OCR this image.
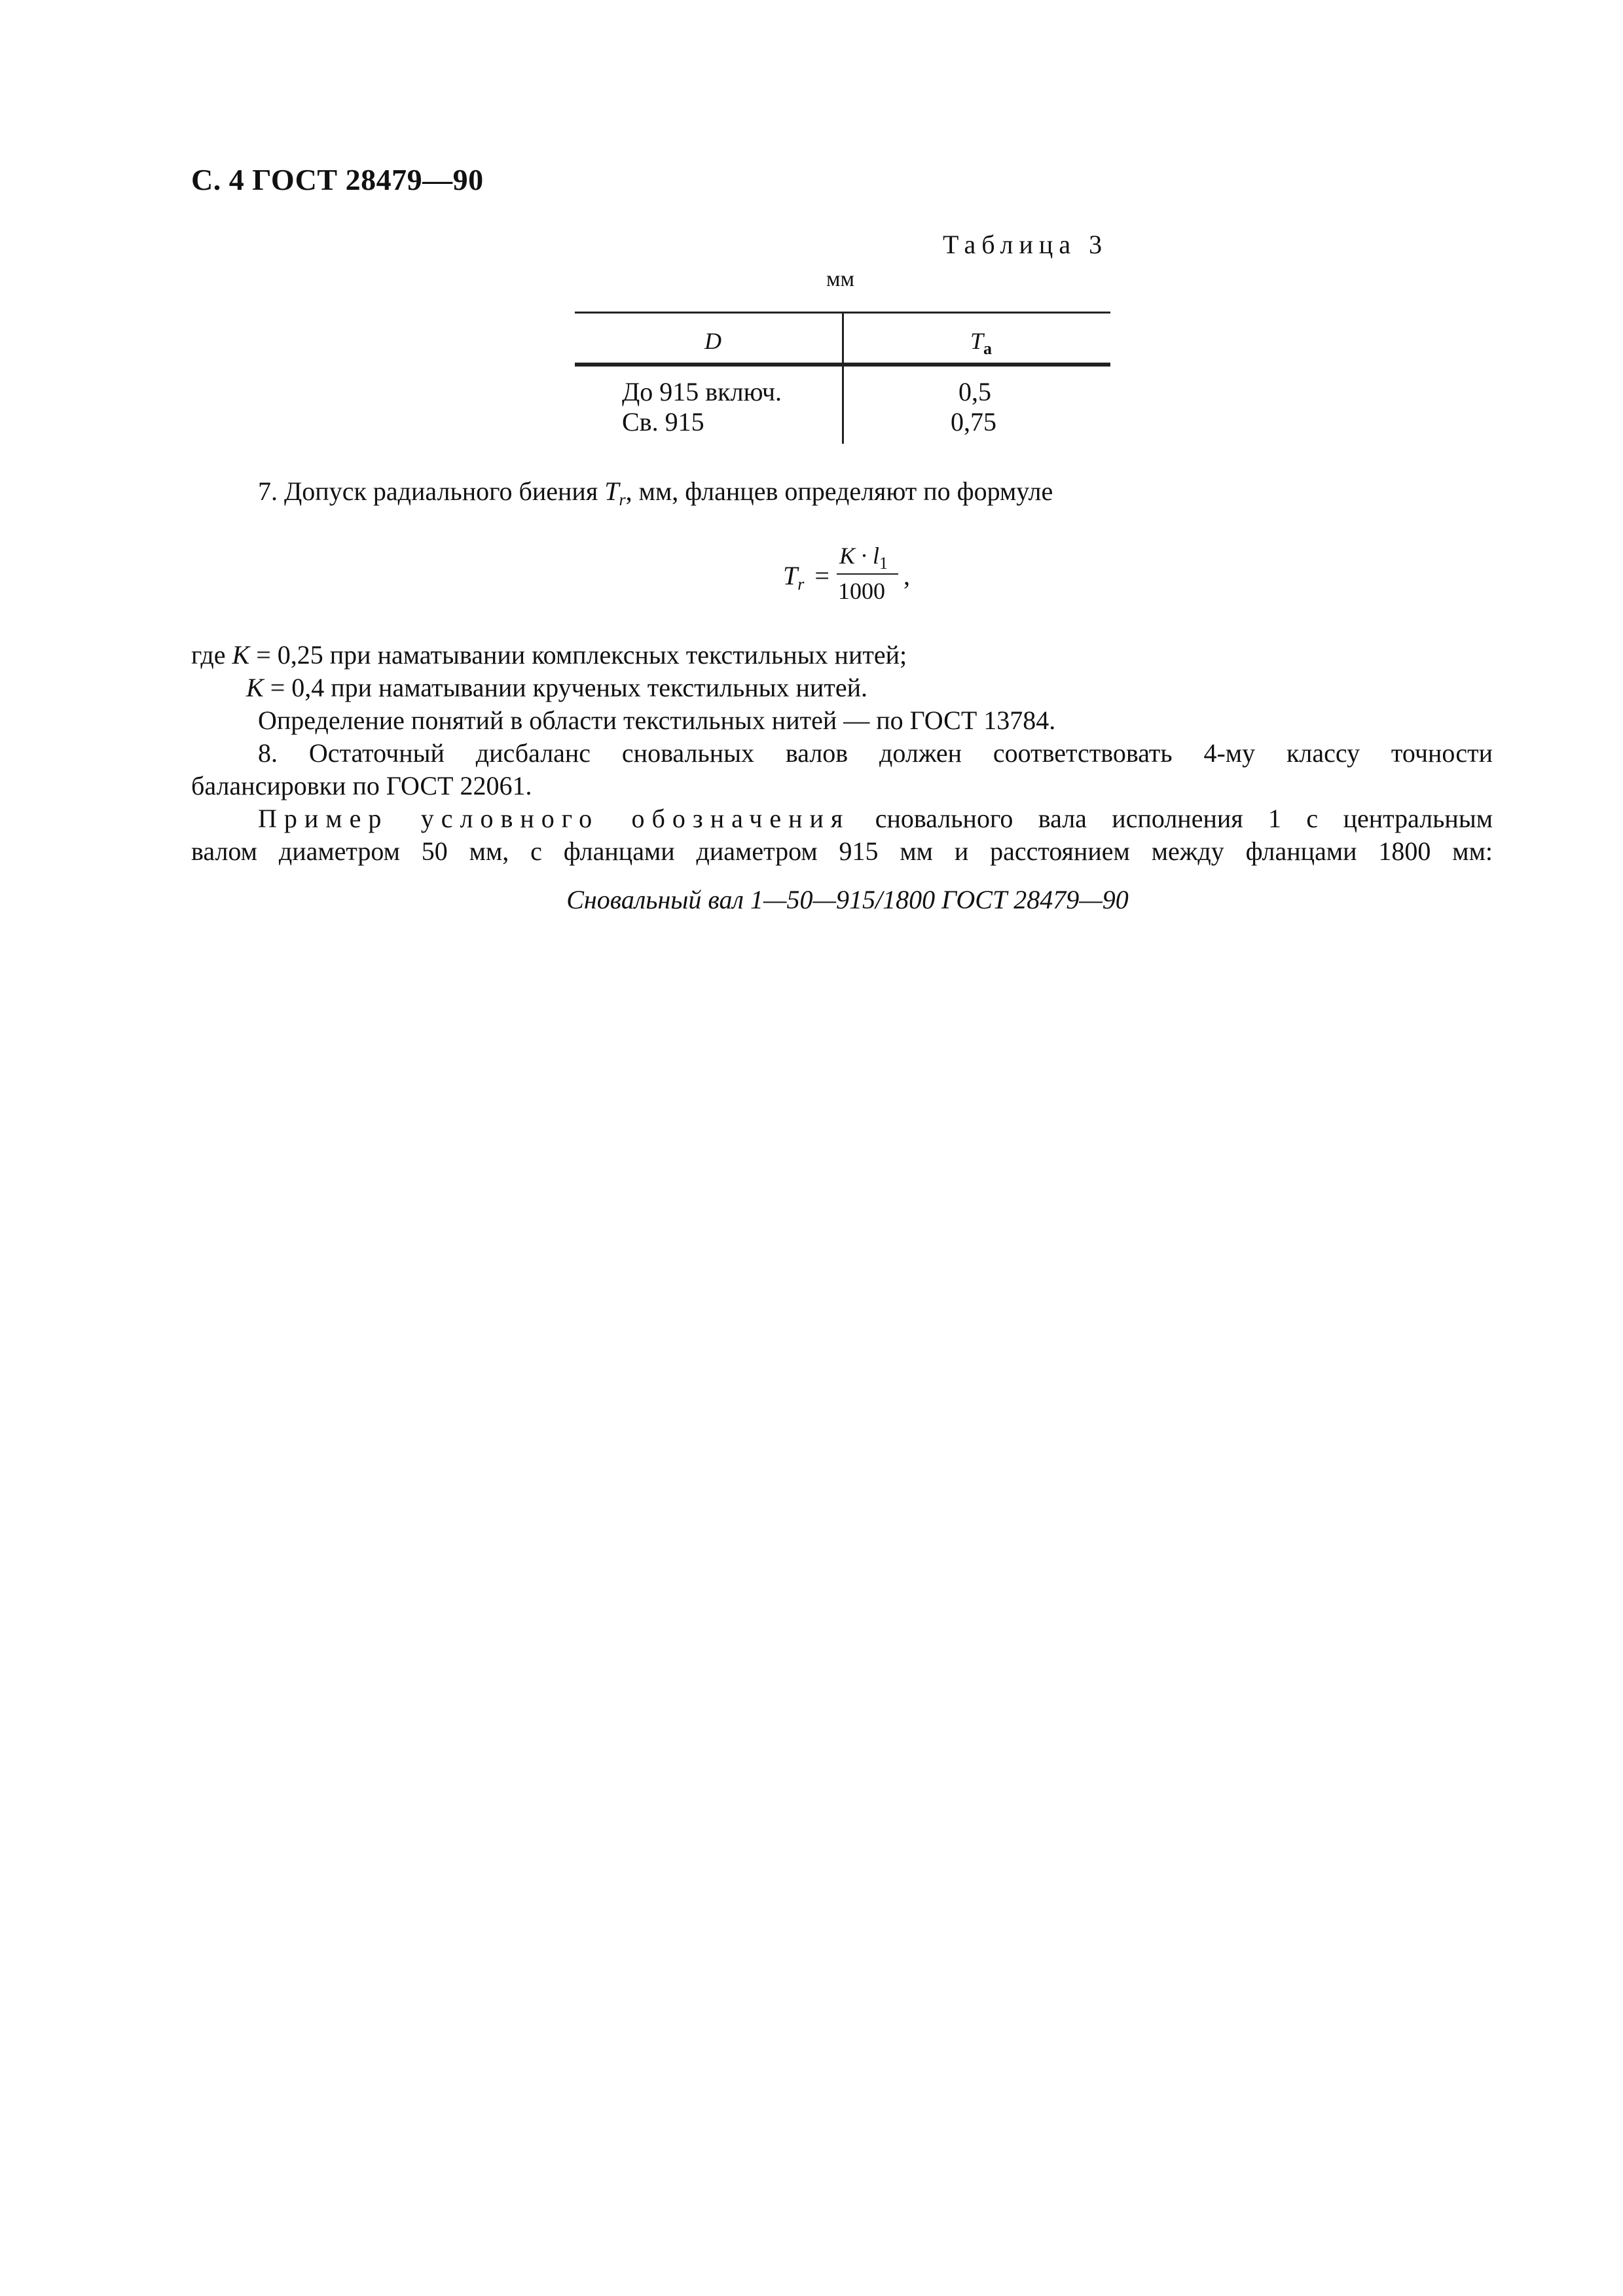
С. 4 ГОСТ 28479—90
Таблица 3
мм
D	$T_a$
До 915 включ.	0,5
Св. 915	0,75
7. Допуск радиального биения $T_r$, мм, фланцев определяют по формуле
$T_r$ =
$K \cdot l_1$
1000
,
где K = 0,25 при наматывании комплексных текстильных нитей;
K = 0,4 при наматывании крученых текстильных нитей.
Определение понятий в области текстильных нитей — по ГОСТ 13784.
8. Остаточный дисбаланс сновальных валов должен соответствовать 4-му классу точности
балансировки по ГОСТ 22061.
Пример условного обозначения сновального вала исполнения 1 с центральным
валом диаметром 50 мм, с фланцами диаметром 915 мм и расстоянием между фланцами 1800 мм:
Сновальный вал 1—50—915/1800 ГОСТ 28479—90
